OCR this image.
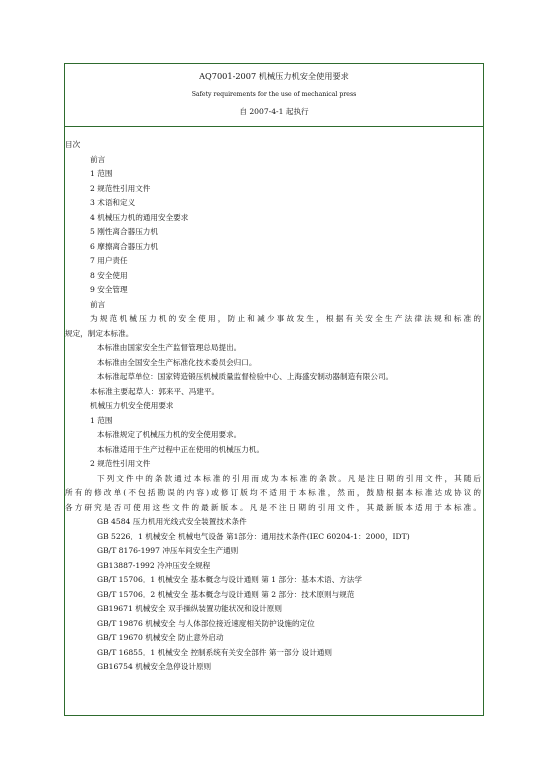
AQ7001-2007 机械压力机安全使用要求
Safety requirements for the use of mechanical press
自 2007-4-1 起执行
目次
前言
1 范围
2 规范性引用文件
3 术语和定义
4 机械压力机的通用安全要求
5 刚性离合器压力机
6 摩擦离合器压力机
7 用户责任
8 安全使用
9 安全管理
前言
为规范机械压力机的安全使用，防止和减少事故发生，根据有关安全生产法律法规和标准的
规定，制定本标准。
本标准由国家安全生产监督管理总局提出。
本标准由全国安全生产标准化技术委员会归口。
本标准起草单位：国家铸造锻压机械质量监督检验中心、上海盛安制动器制造有限公司。
本标准主要起草人：郭来平、冯建平。
机械压力机安全使用要求
1 范围
本标准规定了机械压力机的安全使用要求。
本标准适用于生产过程中正在使用的机械压力机。
2 规范性引用文件
下列文件中的条款通过本标准的引用而成为本标准的条款。凡是注日期的引用文件，其随后
所有的修改单(不包括勘误的内容)或修订版均不适用于本标准，然而，鼓励根据本标准达成协议的
各方研究是否可使用这些文件的最新版本。凡是不注日期的引用文件，其最新版本适用于本标准。
GB 4584 压力机用光线式安全装置技术条件
GB 5226．1 机械安全 机械电气设备 第1部分：通用技术条件(IEC 60204-1：2000，IDT)
GB/T 8176-1997 冲压车间安全生产通则
GB13887-1992 冷冲压安全规程
GB/T 15706．1 机械安全 基本概念与设计通则 第 1 部分：基本术语、方法学
GB/T 15706．2 机械安全 基本概念与设计通则 第 2 部分：技术原则与规范
GB19671 机械安全 双手操纵装置功能状况和设计原则
GB/T 19876 机械安全 与人体部位接近速度相关防护设施的定位
GB/T 19670 机械安全 防止意外启动
GB/T 16855．1 机械安全 控制系统有关安全部件 第一部分 设计通则
GB16754 机械安全急停设计原则
